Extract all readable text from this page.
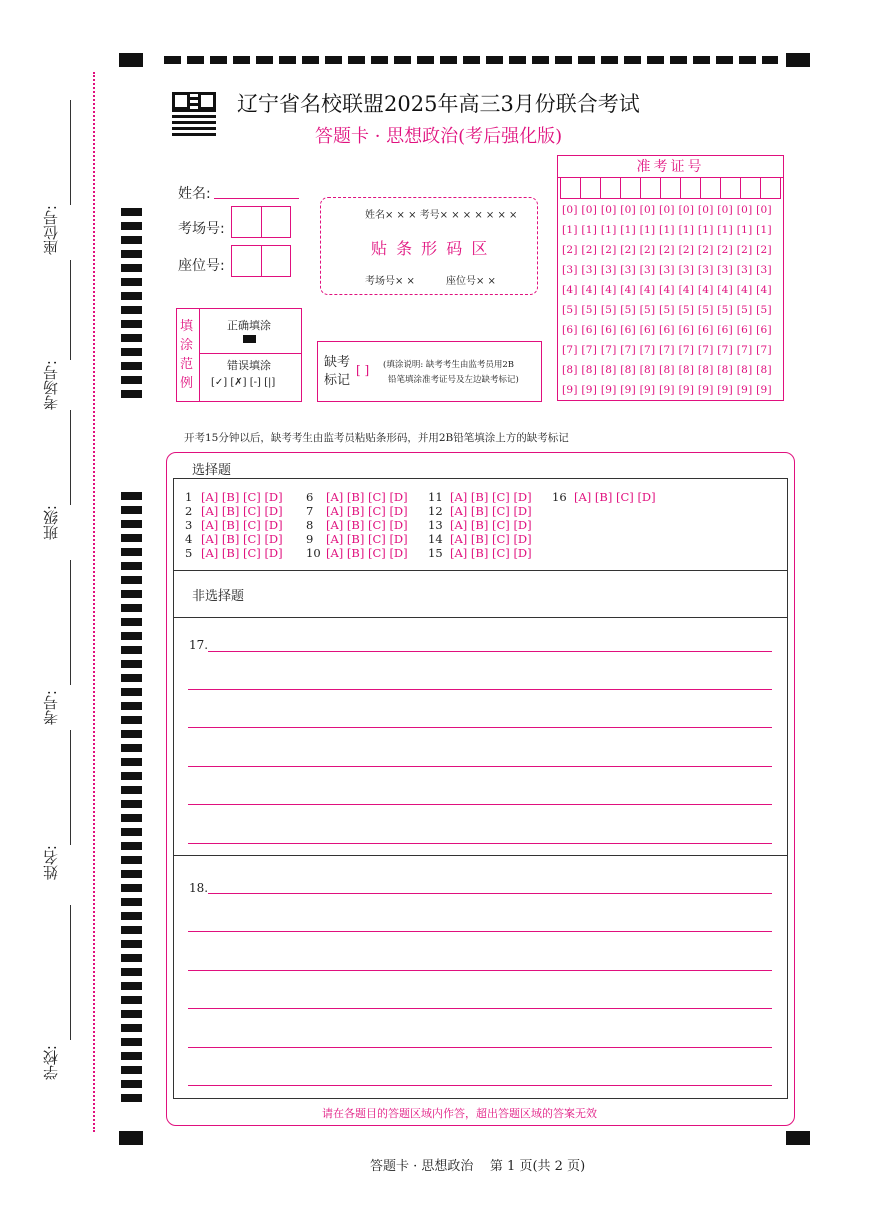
座位号:
考场号:
班级:
考号:
姓名:
学校:
辽宁省名校联盟2025年高三3月份联合考试
答题卡 · 思想政治(考后强化版)
姓名:
考场号:
座位号:
姓名× × × 考号× × × × × × ×
贴 条 形 码 区
考场号× ×	座位号× ×
准考证号
[0] [0] [0] [0] [0] [0] [0] [0] [0] [0] [0]
[1] [1] [1] [1] [1] [1] [1] [1] [1] [1] [1]
[2] [2] [2] [2] [2] [2] [2] [2] [2] [2] [2]
[3] [3] [3] [3] [3] [3] [3] [3] [3] [3] [3]
[4] [4] [4] [4] [4] [4] [4] [4] [4] [4] [4]
[5] [5] [5] [5] [5] [5] [5] [5] [5] [5] [5]
[6] [6] [6] [6] [6] [6] [6] [6] [6] [6] [6]
[7] [7] [7] [7] [7] [7] [7] [7] [7] [7] [7]
[8] [8] [8] [8] [8] [8] [8] [8] [8] [8] [8]
[9] [9] [9] [9] [9] [9] [9] [9] [9] [9] [9]
填涂范例
正确填涂
错误填涂
[✓] [✗] [-] [|]
缺考标记
[ ] (填涂说明: 缺考考生由监考员用2B
铅笔填涂准考证号及左边缺考标记)
开考15分钟以后，缺考考生由监考员粘贴条形码，并用2B铅笔填涂上方的缺考标记
选择题
1 [A] [B] [C] [D]
2 [A] [B] [C] [D]
3 [A] [B] [C] [D]
4 [A] [B] [C] [D]
5 [A] [B] [C] [D]
6 [A] [B] [C] [D]
7 [A] [B] [C] [D]
8 [A] [B] [C] [D]
9 [A] [B] [C] [D]
10 [A] [B] [C] [D]
11 [A] [B] [C] [D]
12 [A] [B] [C] [D]
13 [A] [B] [C] [D]
14 [A] [B] [C] [D]
15 [A] [B] [C] [D]
16 [A] [B] [C] [D]
非选择题
17.
18.
请在各题目的答题区域内作答，超出答题区域的答案无效
答题卡 · 思想政治    第 1 页(共 2 页)
